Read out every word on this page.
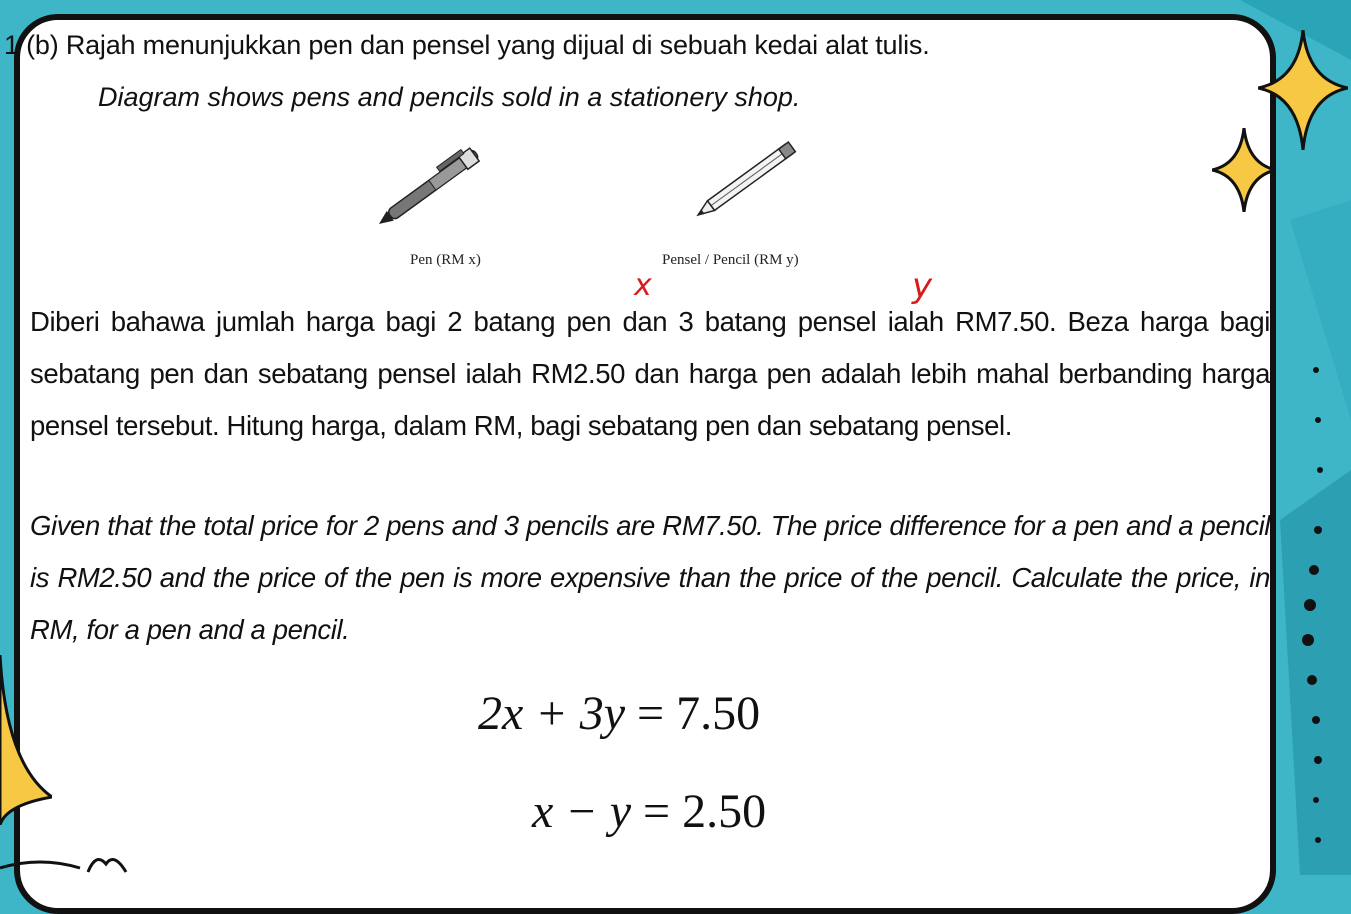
1 (b) Rajah menunjukkan pen dan pensel yang dijual di sebuah kedai alat tulis.
Diagram shows pens and pencils sold in a stationery shop.
Pen (RM x)	Pensel / Pencil (RM y)

Diberi bahawa jumlah harga bagi 2 batang pen dan 3 batang pensel ialah RM7.50. Beza harga bagi sebatang pen dan sebatang pensel ialah RM2.50 dan harga pen adalah lebih mahal berbanding harga pensel tersebut. Hitung harga, dalam RM, bagi sebatang pen dan sebatang pensel.

Given that the total price for 2 pens and 3 pencils are RM7.50. The price difference for a pen and a pencil is RM2.50 and the price of the pen is more expensive than the price of the pencil. Calculate the price, in RM, for a pen and a pencil.

x	y
2x + 3y = 7.50
x − y = 2.50
